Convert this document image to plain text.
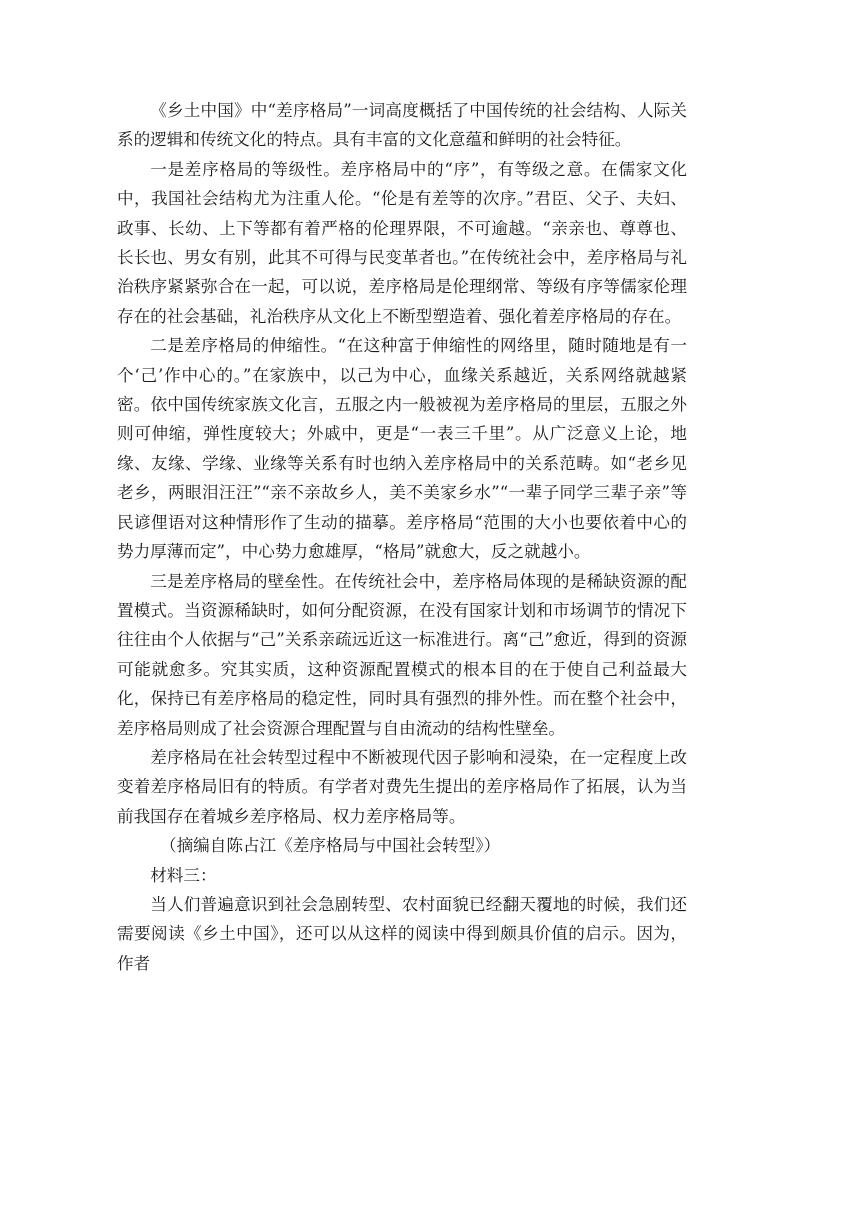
《乡土中国》中“差序格局”一词高度概括了中国传统的社会结构、人际关系的逻辑和传统文化的特点。具有丰富的文化意蕴和鲜明的社会特征。

一是差序格局的等级性。差序格局中的“序”，有等级之意。在儒家文化中，我国社会结构尤为注重人伦。“伦是有差等的次序。”君臣、父子、夫妇、政事、长幼、上下等都有着严格的伦理界限，不可逾越。“亲亲也、尊尊也、长长也、男女有别，此其不可得与民变革者也。”在传统社会中，差序格局与礼治秩序紧紧弥合在一起，可以说，差序格局是伦理纲常、等级有序等儒家伦理存在的社会基础，礼治秩序从文化上不断型塑造着、强化着差序格局的存在。

二是差序格局的伸缩性。“在这种富于伸缩性的网络里，随时随地是有一个‘己’作中心的。”在家族中，以己为中心，血缘关系越近，关系网络就越紧密。依中国传统家族文化言，五服之内一般被视为差序格局的里层，五服之外则可伸缩，弹性度较大；外戚中，更是“一表三千里”。从广泛意义上论，地缘、友缘、学缘、业缘等关系有时也纳入差序格局中的关系范畴。如“老乡见老乡，两眼泪汪汪”“亲不亲故乡人，美不美家乡水”“一辈子同学三辈子亲”等民谚俚语对这种情形作了生动的描摹。差序格局“范围的大小也要依着中心的势力厚薄而定”，中心势力愈雄厚，“格局”就愈大，反之就越小。

三是差序格局的壁垒性。在传统社会中，差序格局体现的是稀缺资源的配置模式。当资源稀缺时，如何分配资源，在没有国家计划和市场调节的情况下往往由个人依据与“己”关系亲疏远近这一标准进行。离“己”愈近，得到的资源可能就愈多。究其实质，这种资源配置模式的根本目的在于使自己利益最大化，保持已有差序格局的稳定性，同时具有强烈的排外性。而在整个社会中，差序格局则成了社会资源合理配置与自由流动的结构性壁垒。

差序格局在社会转型过程中不断被现代因子影响和浸染，在一定程度上改变着差序格局旧有的特质。有学者对费先生提出的差序格局作了拓展，认为当前我国存在着城乡差序格局、权力差序格局等。

（摘编自陈占江《差序格局与中国社会转型》）

材料三：

当人们普遍意识到社会急剧转型、农村面貌已经翻天覆地的时候，我们还需要阅读《乡土中国》，还可以从这样的阅读中得到颇具价值的启示。因为，作者
